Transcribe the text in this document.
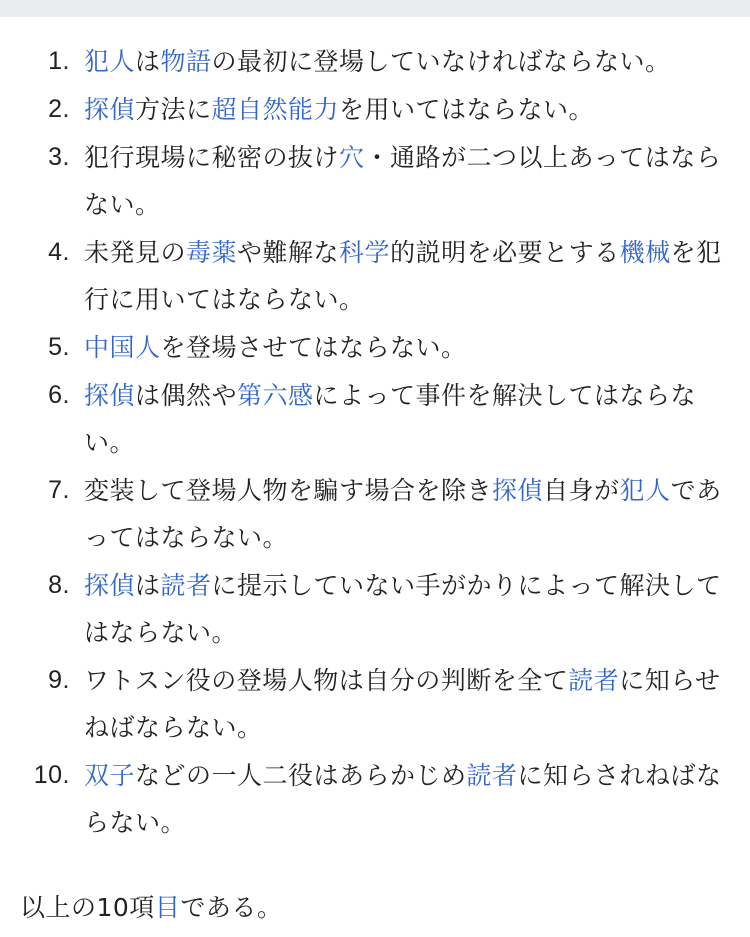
1. 犯人は物語の最初に登場していなければならない。
2. 探偵方法に超自然能力を用いてはならない。
3. 犯行現場に秘密の抜け穴・通路が二つ以上あってはならない。
4. 未発見の毒薬や難解な科学的説明を必要とする機械を犯行に用いてはならない。
5. 中国人を登場させてはならない。
6. 探偵は偶然や第六感によって事件を解決してはならない。
7. 変装して登場人物を騙す場合を除き探偵自身が犯人であってはならない。
8. 探偵は読者に提示していない手がかりによって解決してはならない。
9. ワトスン役の登場人物は自分の判断を全て読者に知らせねばならない。
10. 双子などの一人二役はあらかじめ読者に知らされねばならない。

以上の10項目である。
